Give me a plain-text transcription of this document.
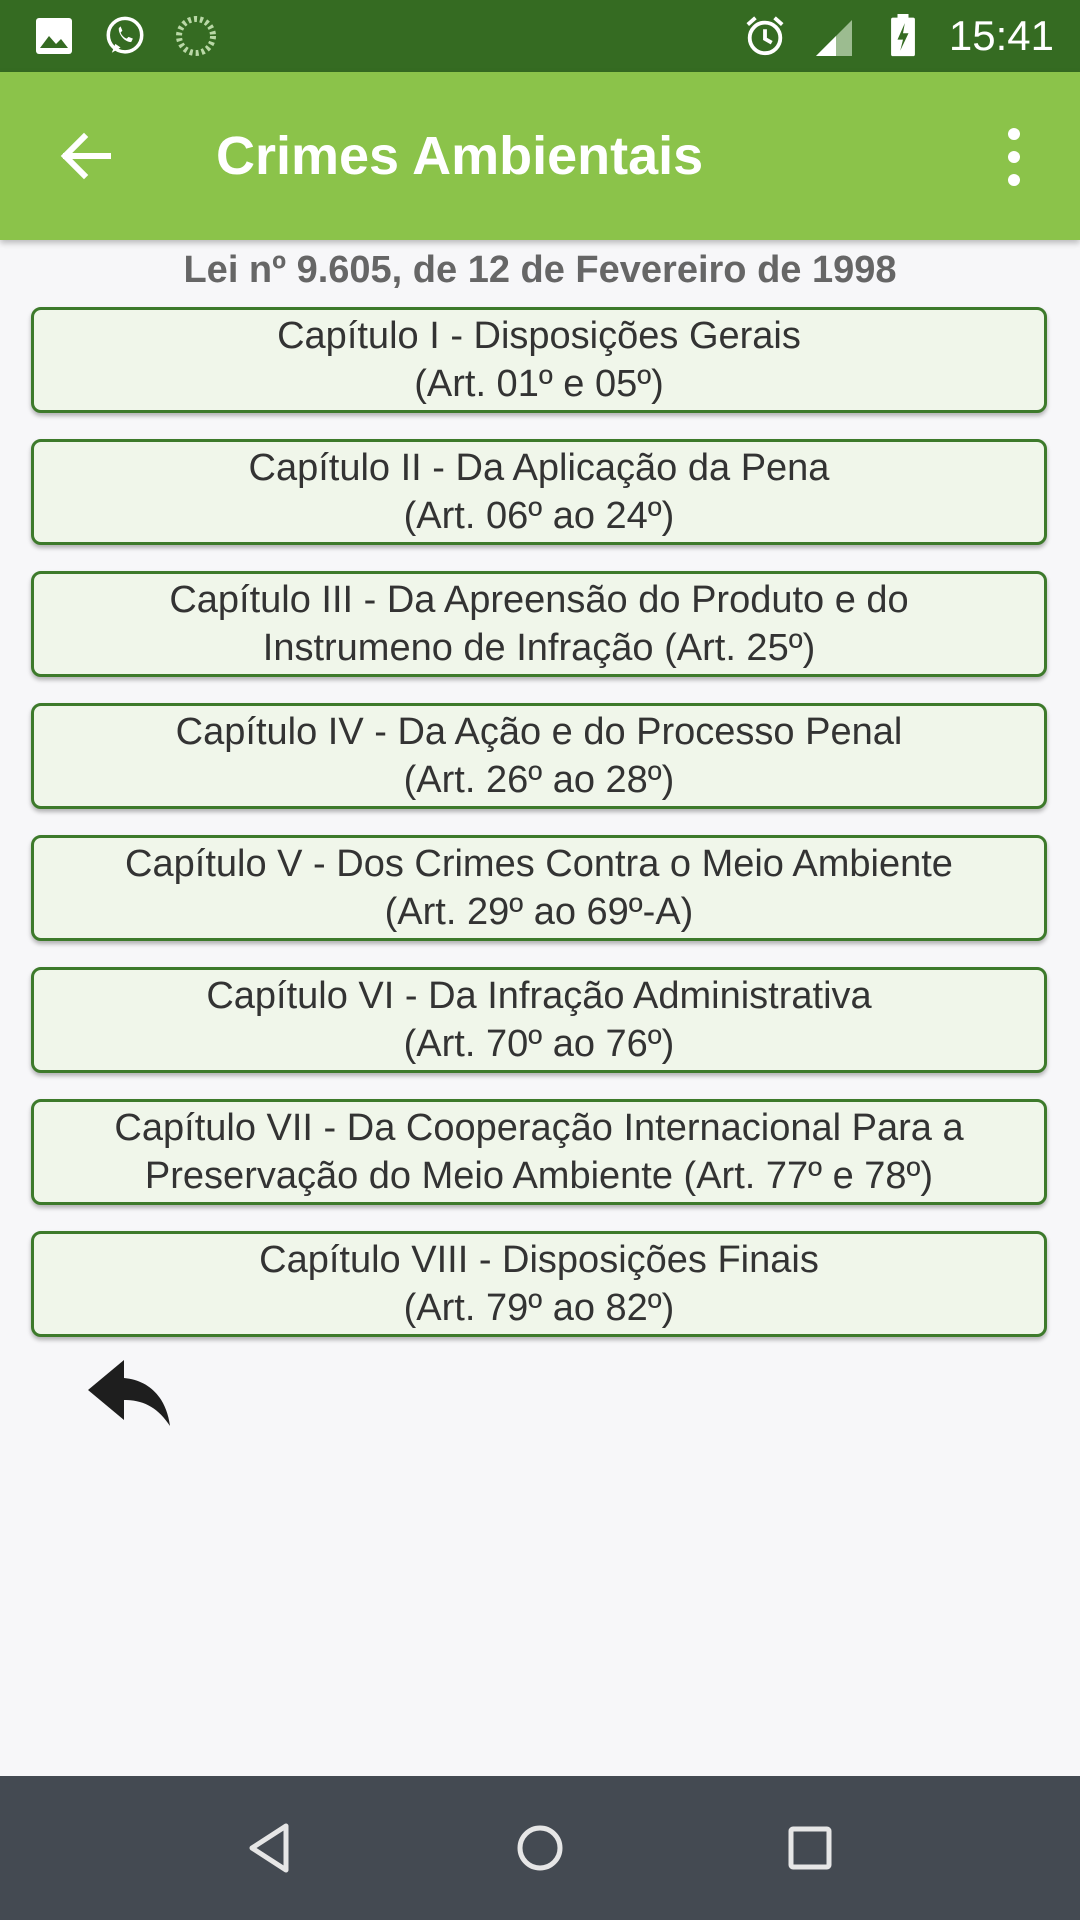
15:41
Crimes Ambientais
Lei nº 9.605, de 12 de Fevereiro de 1998
Capítulo I - Disposições Gerais
(Art. 01º e 05º)
Capítulo II - Da Aplicação da Pena
(Art. 06º ao 24º)
Capítulo III - Da Apreensão do Produto e do
Instrumeno de Infração (Art. 25º)
Capítulo IV - Da Ação e do Processo Penal
(Art. 26º ao 28º)
Capítulo V - Dos Crimes Contra o Meio Ambiente
(Art. 29º ao 69º-A)
Capítulo VI - Da Infração Administrativa
(Art. 70º ao 76º)
Capítulo VII - Da Cooperação Internacional Para a
Preservação do Meio Ambiente (Art. 77º e 78º)
Capítulo VIII - Disposições Finais
(Art. 79º ao 82º)
